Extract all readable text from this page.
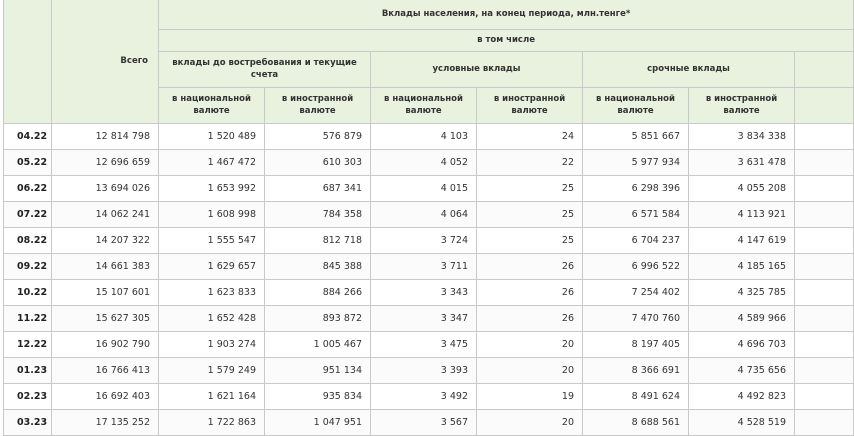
	Всего	Вклады населения, на конец периода, млн.тенге*						
		в том числе						
		вклады до востребования и текущие счета		условные вклады		срочные вклады		
		в национальной валюте	в иностранной валюте	в национальной валюте	в иностранной валюте	в национальной валюте	в иностранной валюте	
04.22	12 814 798	1 520 489	576 879	4 103	24	5 851 667	3 834 338	
05.22	12 696 659	1 467 472	610 303	4 052	22	5 977 934	3 631 478	
06.22	13 694 026	1 653 992	687 341	4 015	25	6 298 396	4 055 208	
07.22	14 062 241	1 608 998	784 358	4 064	25	6 571 584	4 113 921	
08.22	14 207 322	1 555 547	812 718	3 724	25	6 704 237	4 147 619	
09.22	14 661 383	1 629 657	845 388	3 711	26	6 996 522	4 185 165	
10.22	15 107 601	1 623 833	884 266	3 343	26	7 254 402	4 325 785	
11.22	15 627 305	1 652 428	893 872	3 347	26	7 470 760	4 589 966	
12.22	16 902 790	1 903 274	1 005 467	3 475	20	8 197 405	4 696 703	
01.23	16 766 413	1 579 249	951 134	3 393	20	8 366 691	4 735 656	
02.23	16 692 403	1 621 164	935 834	3 492	19	8 491 624	4 492 823	
03.23	17 135 252	1 722 863	1 047 951	3 567	20	8 688 561	4 528 519	
